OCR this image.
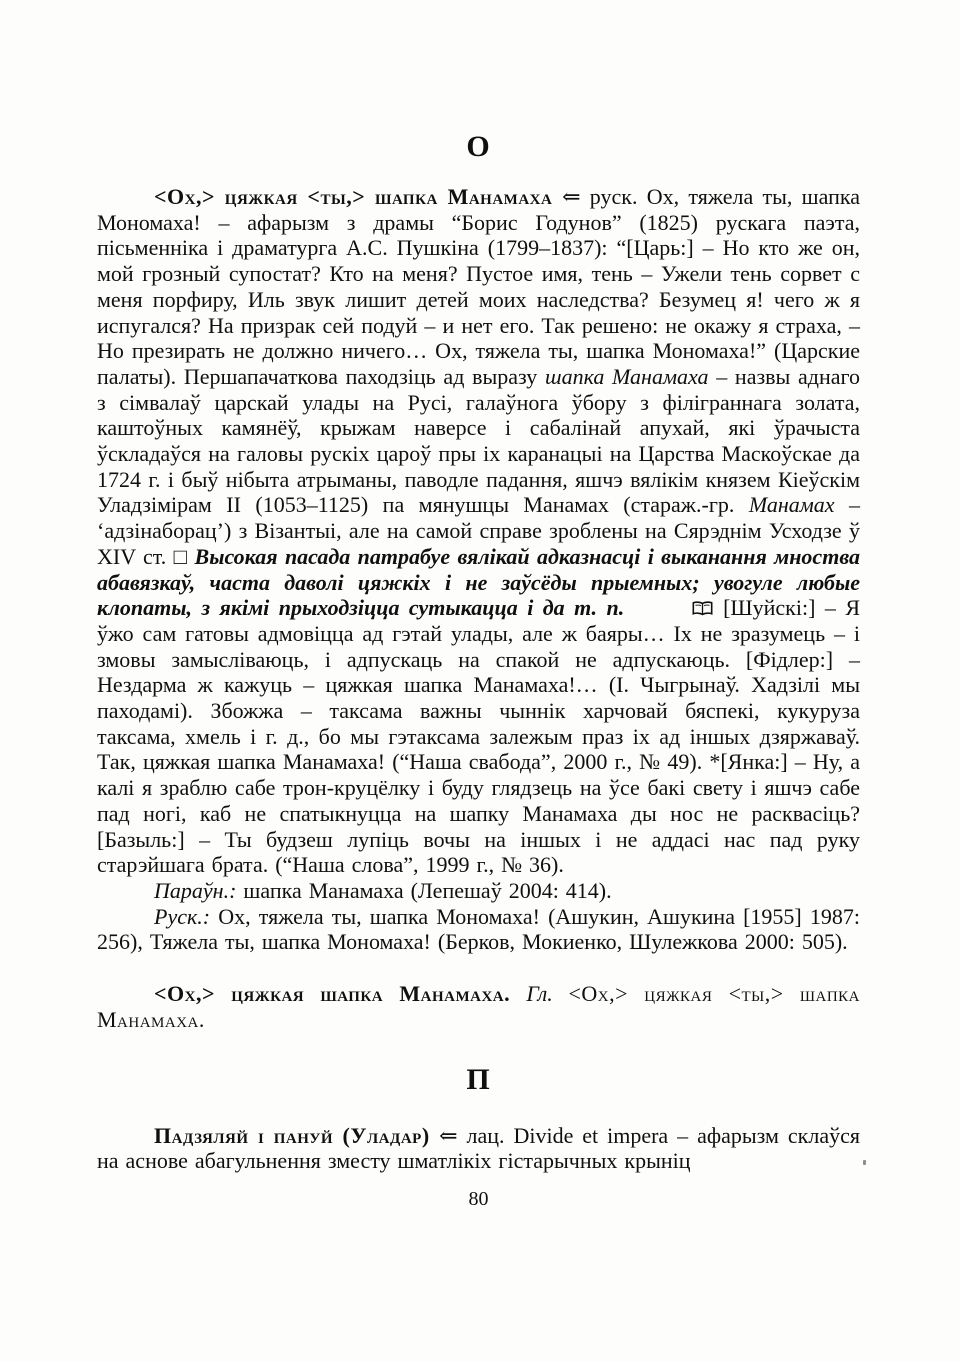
О

<Ох,> цяжкая <ты,> шапка Манамаха ⇐ руск. Ох, тяжела ты, шапка Мономаха! – афарызм з драмы “Борис Годунов” (1825) рускага паэта, пісьменніка і драматурга А.С. Пушкіна (1799–1837): “[Царь:] – Но кто же он, мой грозный супостат? Кто на меня? Пустое имя, тень – Ужели тень сорвет с меня порфиру, Иль звук лишит детей моих наследства? Безумец я! чего ж я испугался? На призрак сей подуй – и нет его. Так решено: не окажу я страха, – Но презирать не должно ничего… Ох, тяжела ты, шапка Мономаха!” (Царские палаты). Першапачаткова паходзіць ад выразу шапка Манамаха – назвы аднаго з сімвалаў царскай улады на Русі, галаўнога ўбору з філіграннага золата, каштоўных камянёў, крыжам наверсе і сабалінай апухай, які ўрачыста ўскладаўся на галовы рускіх цароў пры іх каранацыі на Царства Маскоўскае да 1724 г. і быў нібыта атрыманы, паводле падання, яшчэ вялікім князем Кіеўскім Уладзімірам II (1053–1125) па мянушцы Манамах (стараж.-гр. Манамах – ‘адзінаборац’) з Візантыі, але на самой справе зроблены на Сярэднім Усходзе ў XIV ст. □ Высокая пасада патрабуе вялікай адказнасці і выканання мноства абавязкаў, часта даволі цяжкіх і не заўсёды прыемных; увогуле любые клопаты, з якімі прыходзіцца сутыкацца і да т. п.	[Шуйскі:] – Я ўжо сам гатовы адмовіцца ад гэтай улады, але ж баяры… Іх не зразумець – і змовы замысліваюць, і адпускаць на спакой не адпускаюць. [Фідлер:] – Нездарма ж кажуць – цяжкая шапка Манамаха!… (І. Чыгрынаў. Хадзілі мы паходамі). Збожжа – таксама важны чыннік харчовай бяспекі, кукуруза таксама, хмель і г. д., бо мы гэтаксама залежым праз іх ад іншых дзяржаваў. Так, цяжкая шапка Манамаха! (“Наша свабода”, 2000 г., № 49). *[Янка:] – Ну, а калі я зраблю сабе трон-круцёлку і буду глядзець на ўсе бакі свету і яшчэ сабе пад ногі, каб не спатыкнуцца на шапку Манамаха ды нос не расквасіць? [Базыль:] – Ты будзеш лупіць вочы на іншых і не аддасі нас пад руку старэйшага брата. (“Наша слова”, 1999 г., № 36).

Параўн.: шапка Манамаха (Лепешаў 2004: 414).

Руск.: Ох, тяжела ты, шапка Мономаха! (Ашукин, Ашукина [1955] 1987: 256), Тяжела ты, шапка Мономаха! (Берков, Мокиенко, Шулежкова 2000: 505).

<Ох,> цяжкая шапка Манамаха. Гл. <Ох,> цяжкая <ты,> шапка Манамаха.

П

Падзяляй і пануй (Уладар) ⇐ лац. Divide et impera – афарызм склаўся на аснове абагульнення зместу шматлікіх гістарычных крыніц

80
